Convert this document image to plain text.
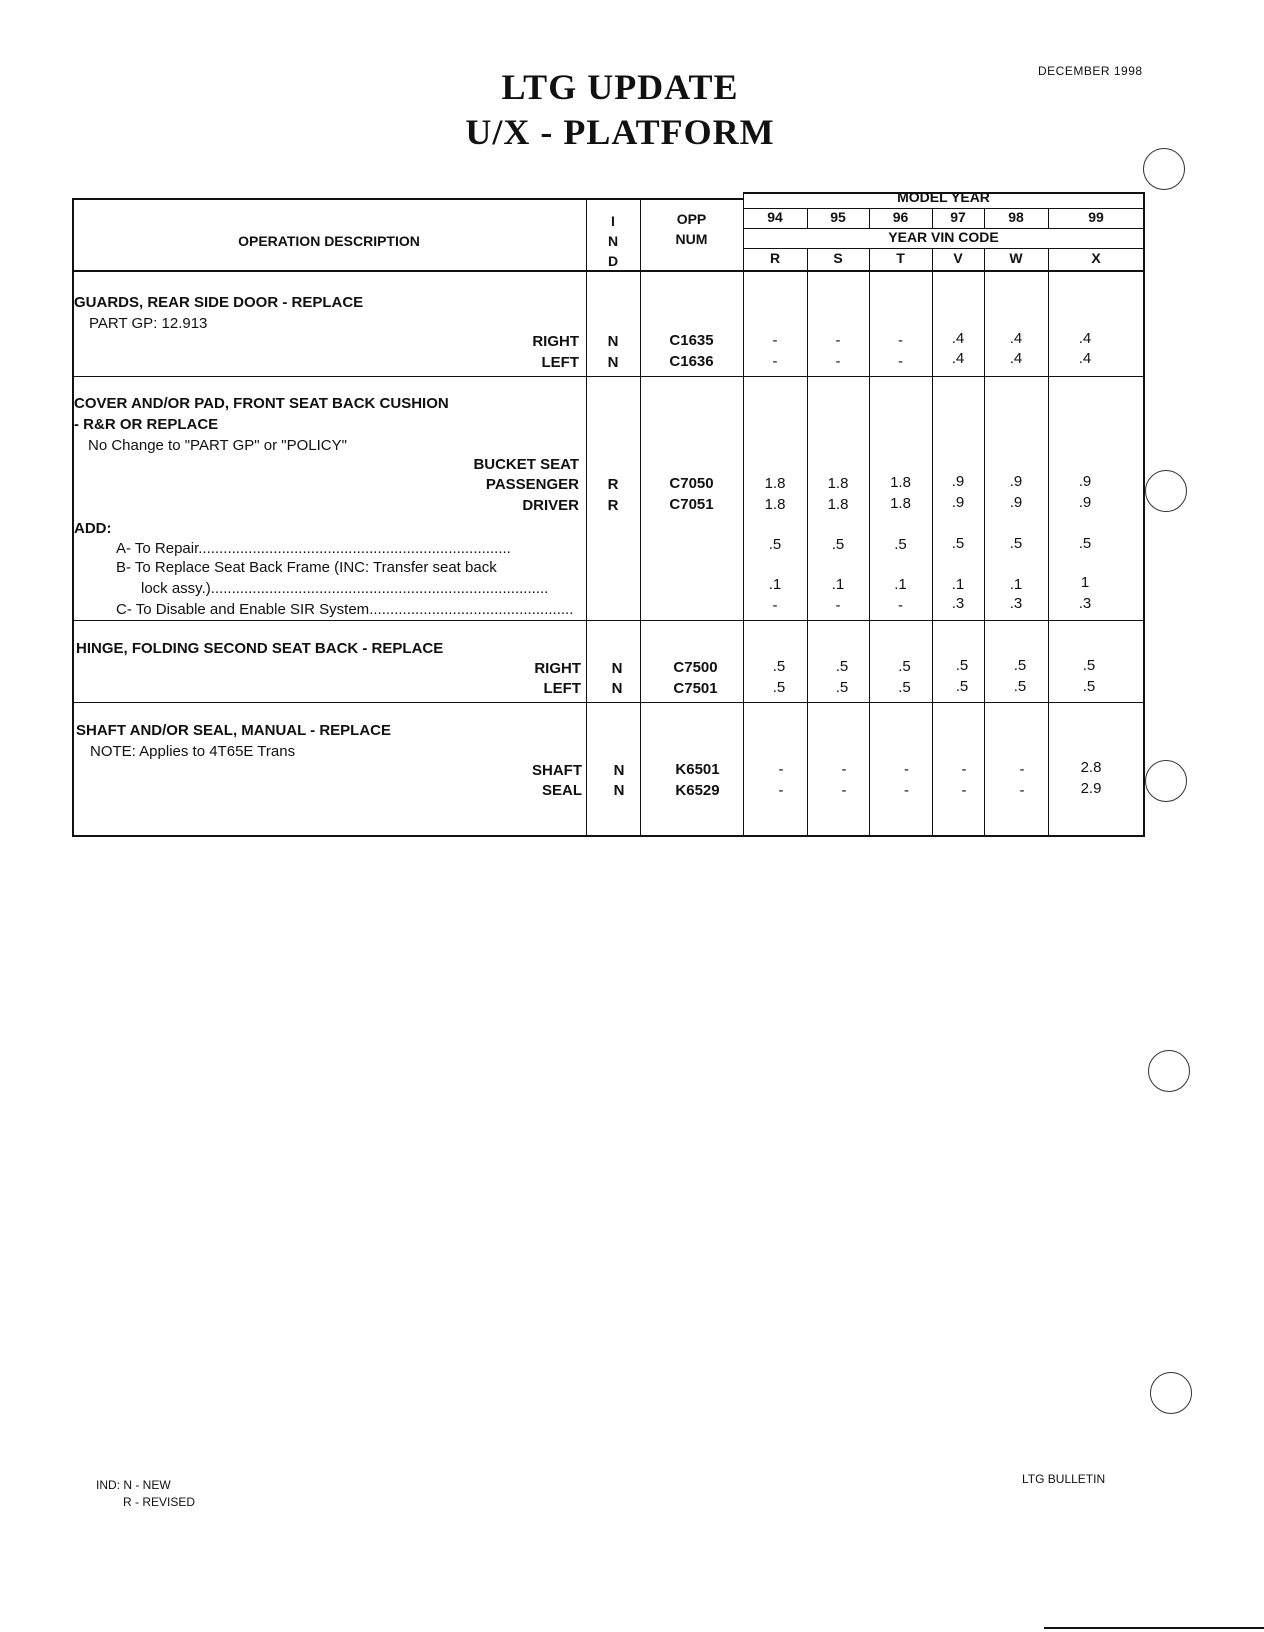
DECEMBER 1998
LTG UPDATE
U/X - PLATFORM
OPERATION DESCRIPTION
I
N
D
OPP
NUM
MODEL YEAR
YEAR VIN CODE
94	95	96	97	98	99
R	S	T	V	W	X
GUARDS, REAR SIDE DOOR - REPLACE
PART GP: 12.913
RIGHT	N	C1635	-	-	-	.4	.4	.4
LEFT	N	C1636	-	-	-	.4	.4	.4
COVER AND/OR PAD, FRONT SEAT BACK CUSHION
- R&R OR REPLACE
No Change to "PART GP" or "POLICY"
BUCKET SEAT
PASSENGER	R	C7050	1.8	1.8	1.8	.9	.9	.9
DRIVER	R	C7051	1.8	1.8	1.8	.9	.9	.9
ADD:
A- To Repair...........................................................................	.5	.5	.5	.5	.5	.5
B- To Replace Seat Back Frame (INC: Transfer seat back
lock assy.).................................................................................	.1	.1	.1	.1	.1	1
C- To Disable and Enable SIR System.................................................	-	-	-	.3	.3	.3
HINGE, FOLDING SECOND SEAT BACK - REPLACE
RIGHT	N	C7500	.5	.5	.5	.5	.5	.5
LEFT	N	C7501	.5	.5	.5	.5	.5	.5
SHAFT AND/OR SEAL, MANUAL - REPLACE
NOTE: Applies to 4T65E Trans
SHAFT	N	K6501	-	-	-	-	-	2.8
SEAL	N	K6529	-	-	-	-	-	2.9
IND: N - NEW
R - REVISED
LTG BULLETIN
